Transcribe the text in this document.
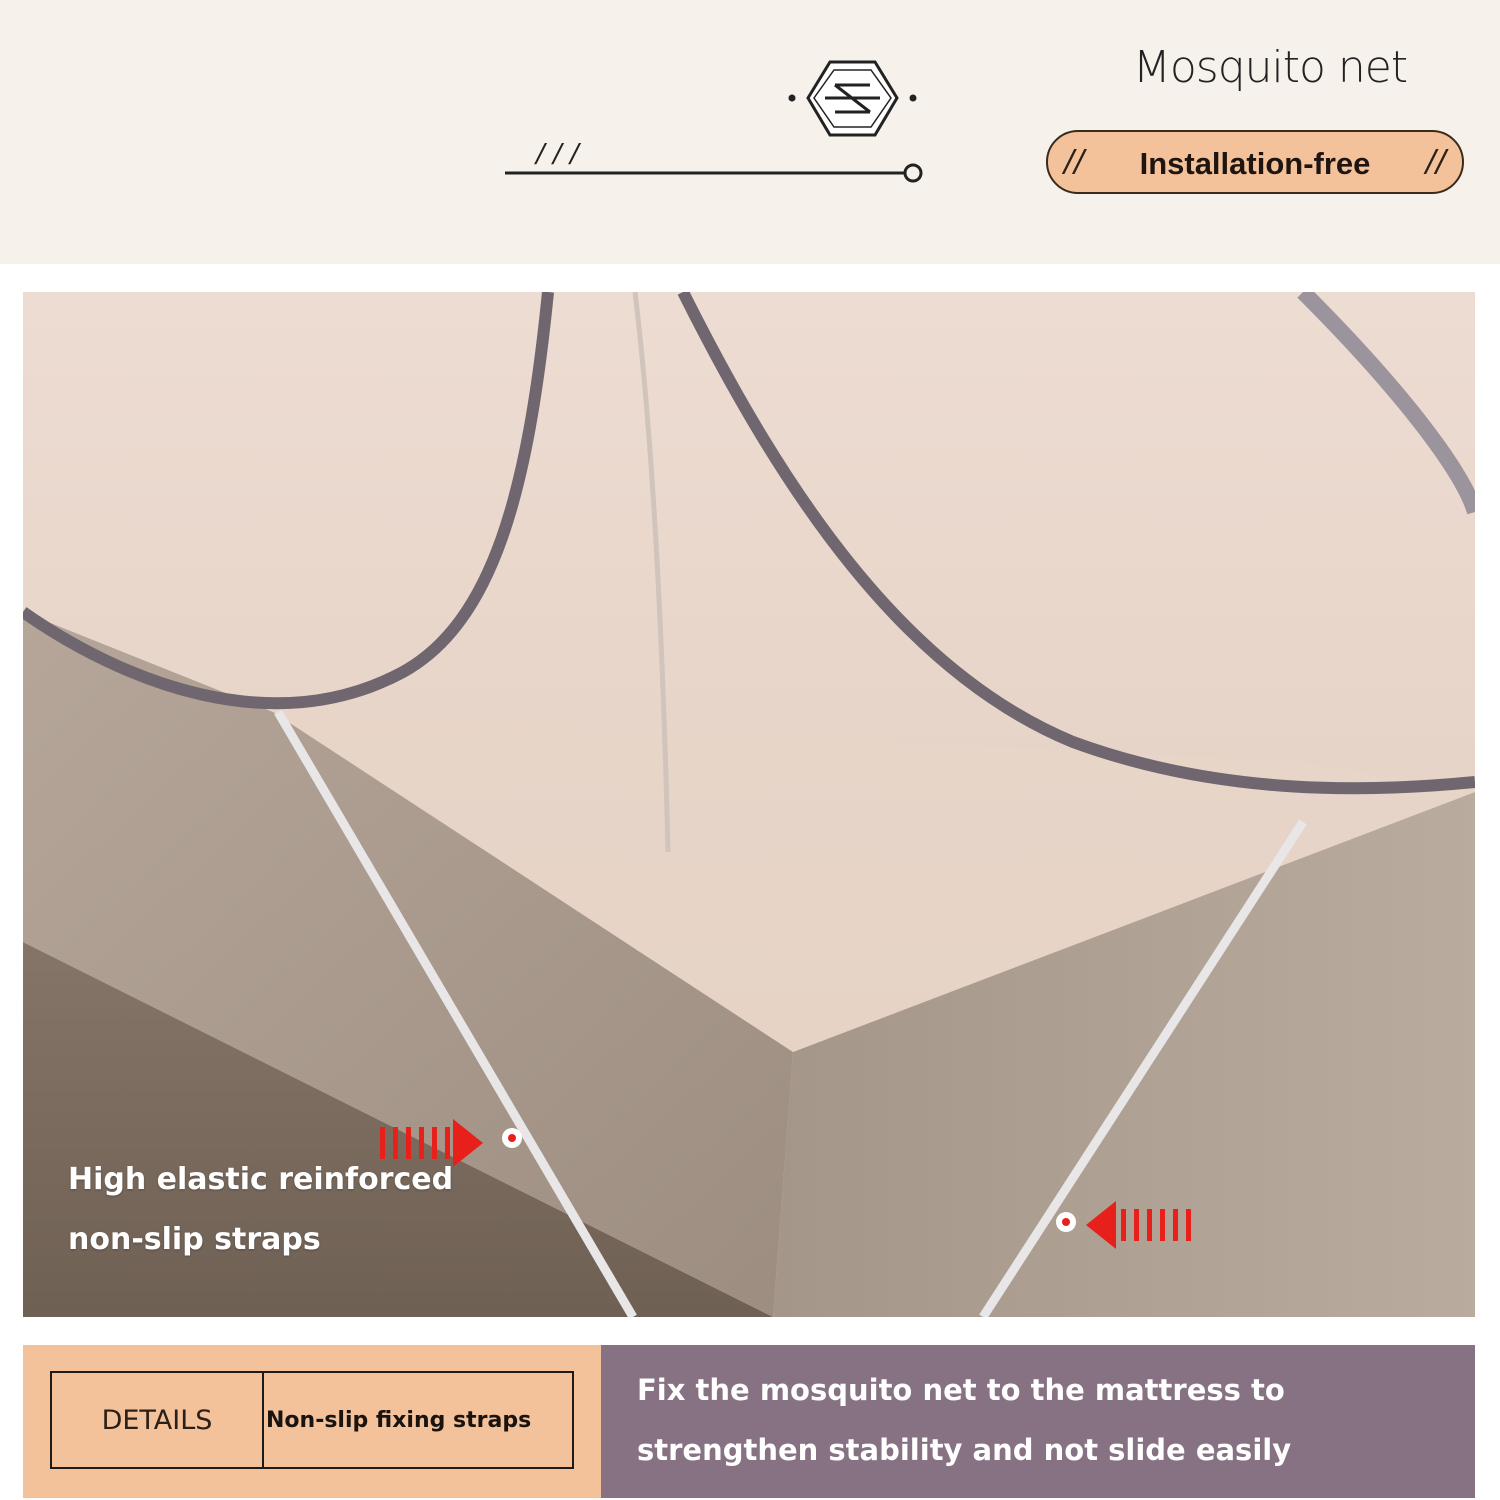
/ / /
Mosquito net
//	Installation-free	//
High elastic reinforced
non-slip straps
DETAILS	Non-slip fixing straps
Fix the mosquito net to the mattress to
strengthen stability and not slide easily
